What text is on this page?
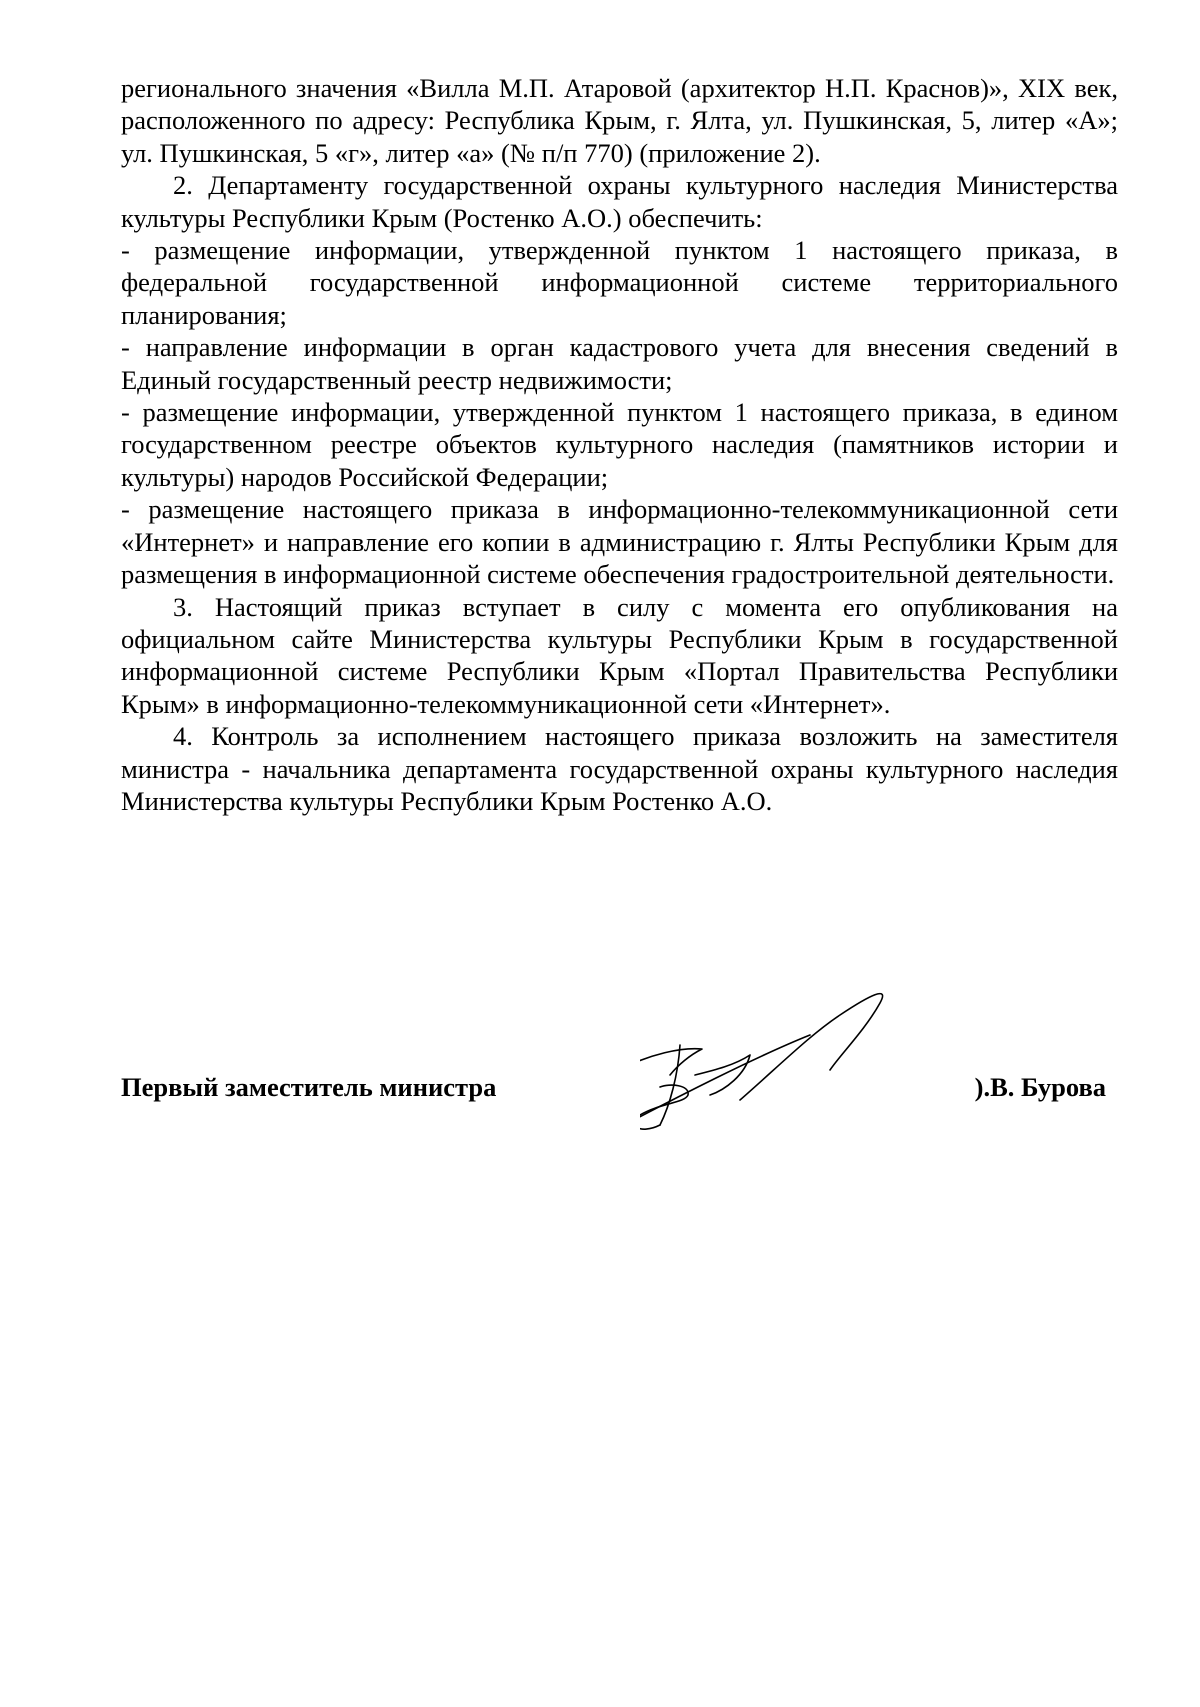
регионального значения «Вилла М.П. Атаровой (архитектор Н.П. Краснов)», XIX век, расположенного по адресу: Республика Крым, г. Ялта, ул. Пушкинская, 5, литер «А»; ул. Пушкинская, 5 «г», литер «а» (№ п/п 770) (приложение 2).

2. Департаменту государственной охраны культурного наследия Министерства культуры Республики Крым (Ростенко А.О.) обеспечить:

- размещение информации, утвержденной пунктом 1 настоящего приказа, в федеральной государственной информационной системе территориального планирования;

- направление информации в орган кадастрового учета для внесения сведений в Единый государственный реестр недвижимости;

- размещение информации, утвержденной пунктом 1 настоящего приказа, в едином государственном реестре объектов культурного наследия (памятников истории и культуры) народов Российской Федерации;

- размещение настоящего приказа в информационно-телекоммуникационной сети «Интернет» и направление его копии в администрацию г. Ялты Республики Крым для размещения в информационной системе обеспечения градостроительной деятельности.

3. Настоящий приказ вступает в силу с момента его опубликования на официальном сайте Министерства культуры Республики Крым в государственной информационной системе Республики Крым «Портал Правительства Республики Крым» в информационно-телекоммуникационной сети «Интернет».

4. Контроль за исполнением настоящего приказа возложить на заместителя министра - начальника департамента государственной охраны культурного наследия Министерства культуры Республики Крым Ростенко А.О.

Первый заместитель министра	).В. Бурова
